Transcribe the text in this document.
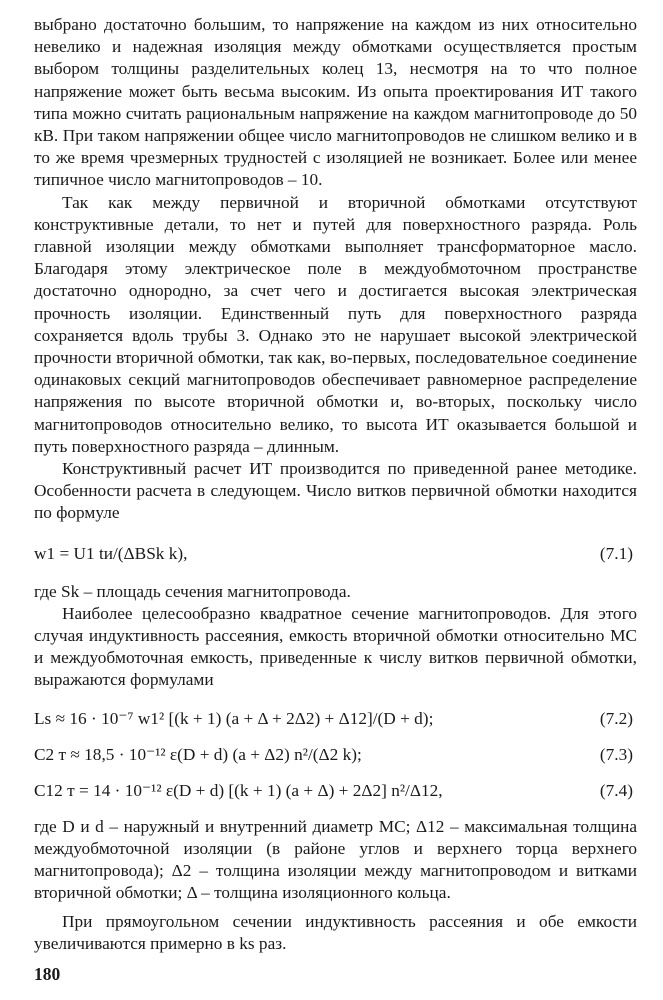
выбрано достаточно большим, то напряжение на каждом из них относительно невелико и надежная изоляция между обмотками осуществляется простым выбором толщины разделительных колец 13, несмотря на то что полное напряжение может быть весьма высоким. Из опыта проектирования ИТ такого типа можно считать рациональным напряжение на каждом магнитопроводе до 50 кВ. При таком напряжении общее число магнитопроводов не слишком велико и в то же время чрезмерных трудностей с изоляцией не возникает. Более или менее типичное число магнитопроводов – 10.

Так как между первичной и вторичной обмотками отсутствуют конструктивные детали, то нет и путей для поверхностного разряда. Роль главной изоляции между обмотками выполняет трансформаторное масло. Благодаря этому электрическое поле в междуобмоточном пространстве достаточно однородно, за счет чего и достигается высокая электрическая прочность изоляции. Единственный путь для поверхностного разряда сохраняется вдоль трубы 3. Однако это не нарушает высокой электрической прочности вторичной обмотки, так как, во-первых, последовательное соединение одинаковых секций магнитопроводов обеспечивает равномерное распределение напряжения по высоте вторичной обмотки и, во-вторых, поскольку число магнитопроводов относительно велико, то высота ИТ оказывается большой и путь поверхностного разряда – длинным.

Конструктивный расчет ИТ производится по приведенной ранее методике. Особенности расчета в следующем. Число витков первичной обмотки находится по формуле

w1 = U1 tи/(ΔBSk k),	(7.1)

где Sk – площадь сечения магнитопровода.

Наиболее целесообразно квадратное сечение магнитопроводов. Для этого случая индуктивность рассеяния, емкость вторичной обмотки относительно МС и междуобмоточная емкость, приведенные к числу витков первичной обмотки, выражаются формулами

Ls ≈ 16 · 10⁻⁷ w1² [(k + 1) (a + Δ + 2Δ2) + Δ12]/(D + d);	(7.2)
C2 т ≈ 18,5 · 10⁻¹² ε(D + d) (a + Δ2) n²/(Δ2 k);	(7.3)
C12 т = 14 · 10⁻¹² ε(D + d) [(k + 1) (a + Δ) + 2Δ2] n²/Δ12,	(7.4)

где D и d – наружный и внутренний диаметр МС; Δ12 – максимальная толщина междуобмоточной изоляции (в районе углов и верхнего торца верхнего магнитопровода); Δ2 – толщина изоляции между магнитопроводом и витками вторичной обмотки; Δ – толщина изоляционного кольца.

При прямоугольном сечении индуктивность рассеяния и обе емкости увеличиваются примерно в ks раз.

180
